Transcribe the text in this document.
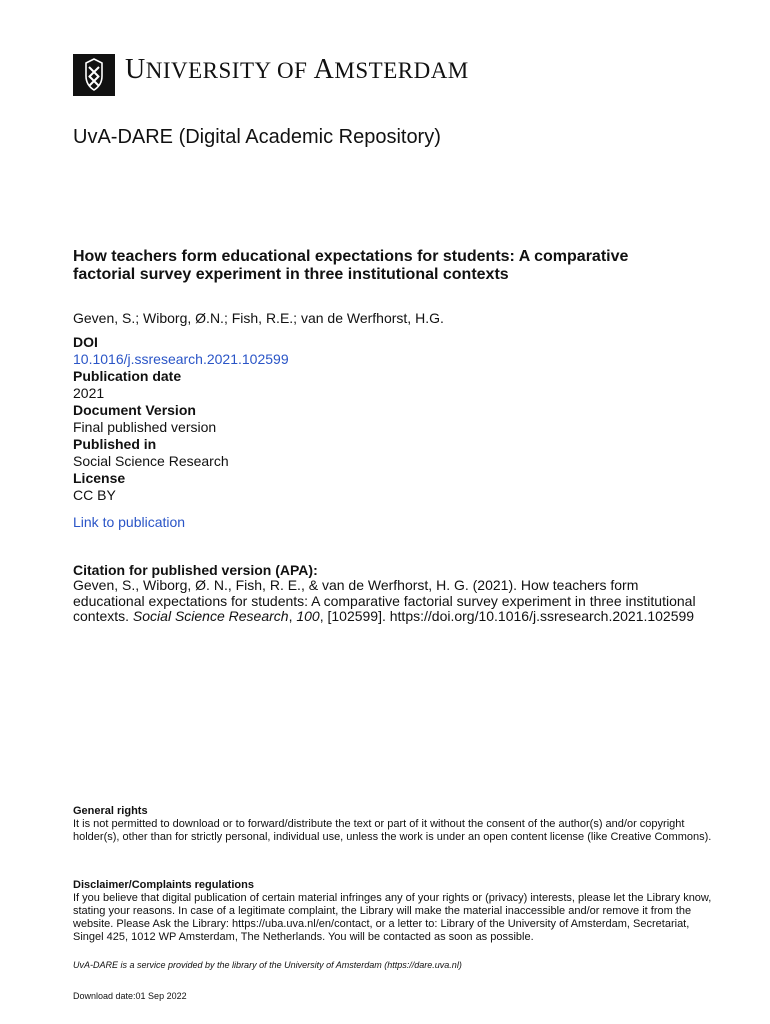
UNIVERSITY OF AMSTERDAM
UvA-DARE (Digital Academic Repository)
How teachers form educational expectations for students: A comparative factorial survey experiment in three institutional contexts
Geven, S.; Wiborg, Ø.N.; Fish, R.E.; van de Werfhorst, H.G.
DOI
10.1016/j.ssresearch.2021.102599
Publication date
2021
Document Version
Final published version
Published in
Social Science Research
License
CC BY
Link to publication
Citation for published version (APA):
Geven, S., Wiborg, Ø. N., Fish, R. E., & van de Werfhorst, H. G. (2021). How teachers form educational expectations for students: A comparative factorial survey experiment in three institutional contexts. Social Science Research, 100, [102599]. https://doi.org/10.1016/j.ssresearch.2021.102599
General rights
It is not permitted to download or to forward/distribute the text or part of it without the consent of the author(s) and/or copyright holder(s), other than for strictly personal, individual use, unless the work is under an open content license (like Creative Commons).
Disclaimer/Complaints regulations
If you believe that digital publication of certain material infringes any of your rights or (privacy) interests, please let the Library know, stating your reasons. In case of a legitimate complaint, the Library will make the material inaccessible and/or remove it from the website. Please Ask the Library: https://uba.uva.nl/en/contact, or a letter to: Library of the University of Amsterdam, Secretariat, Singel 425, 1012 WP Amsterdam, The Netherlands. You will be contacted as soon as possible.
UvA-DARE is a service provided by the library of the University of Amsterdam (https://dare.uva.nl)
Download date:01 Sep 2022
